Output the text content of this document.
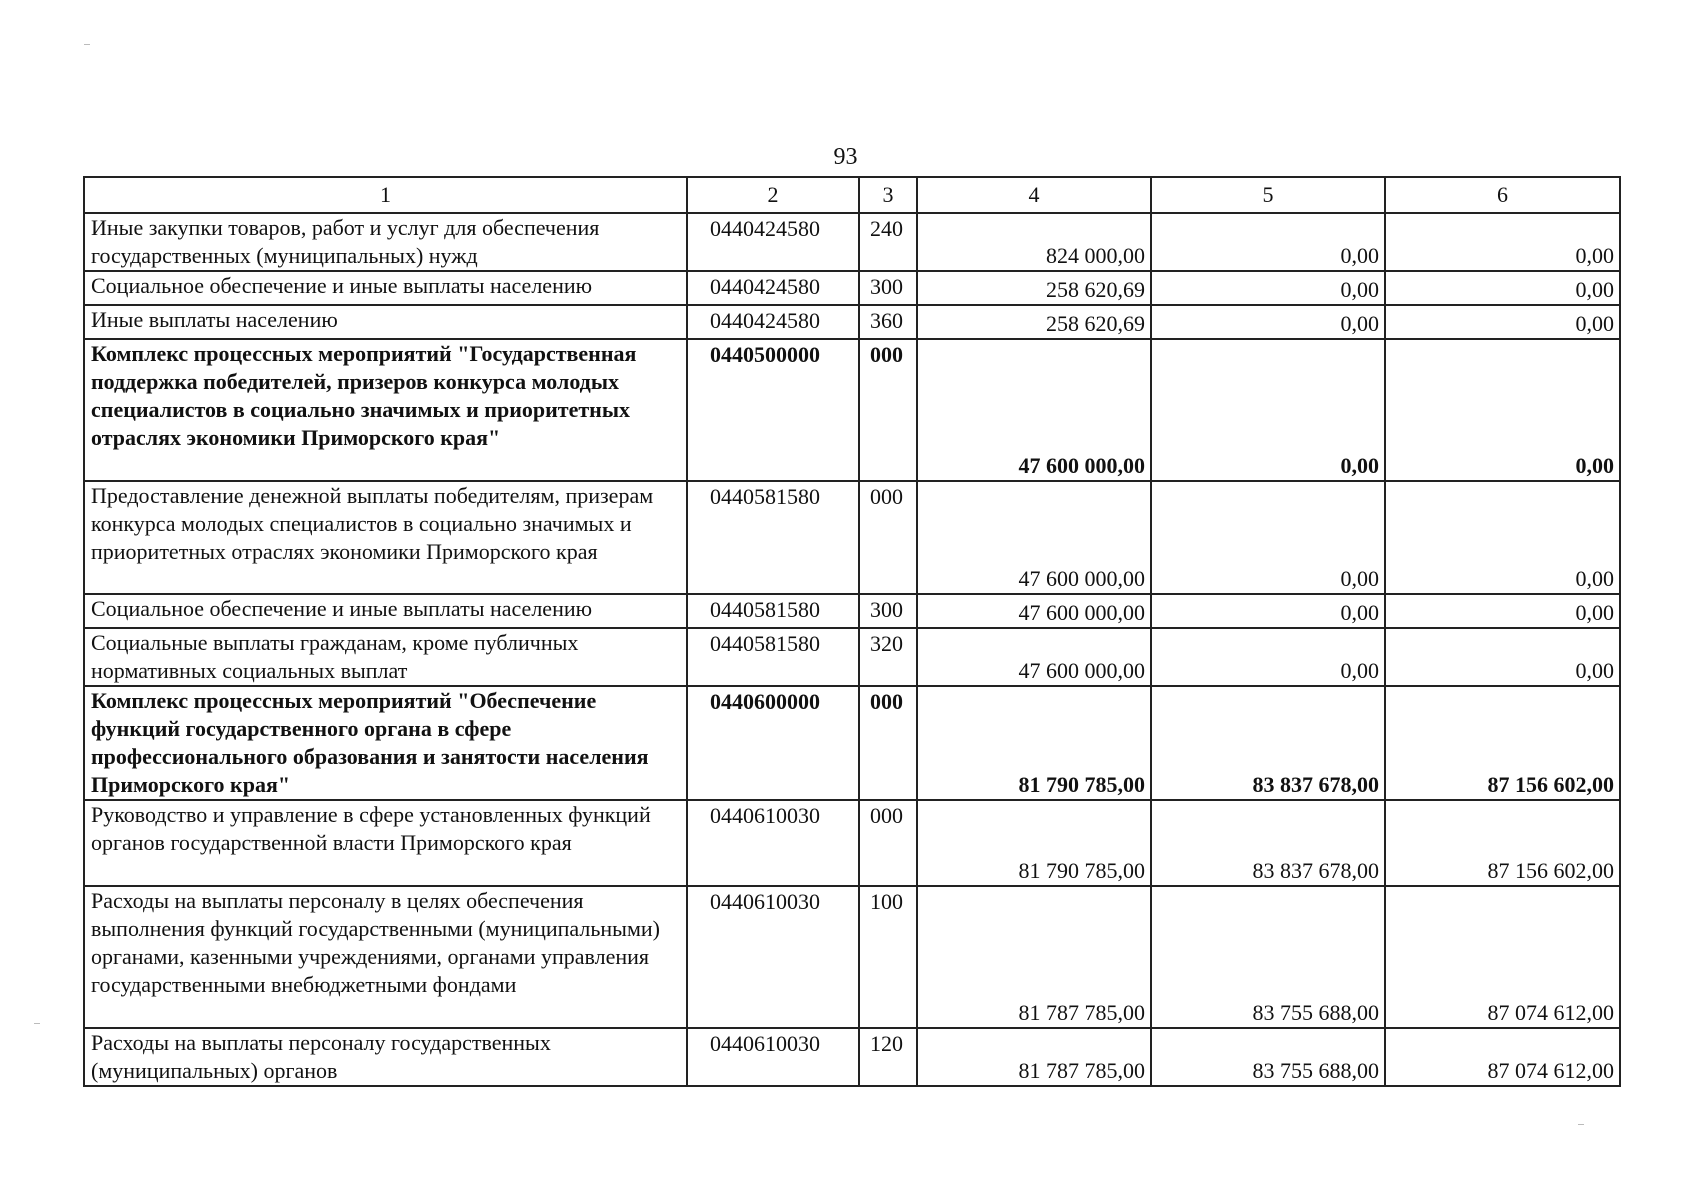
93
1	2	3	4	5	6
Иные закупки товаров, работ и услуг для обеспечения государственных (муниципальных) нужд	0440424580	240	824 000,00	0,00	0,00
Социальное обеспечение и иные выплаты населению	0440424580	300	258 620,69	0,00	0,00
Иные выплаты населению	0440424580	360	258 620,69	0,00	0,00
Комплекс процессных мероприятий "Государственная поддержка победителей, призеров конкурса молодых специалистов в социально значимых и приоритетных отраслях экономики Приморского края"	0440500000	000	47 600 000,00	0,00	0,00
Предоставление денежной выплаты победителям, призерам конкурса молодых специалистов в социально значимых и приоритетных отраслях экономики Приморского края	0440581580	000	47 600 000,00	0,00	0,00
Социальное обеспечение и иные выплаты населению	0440581580	300	47 600 000,00	0,00	0,00
Социальные выплаты гражданам, кроме публичных нормативных социальных выплат	0440581580	320	47 600 000,00	0,00	0,00
Комплекс процессных мероприятий "Обеспечение функций государственного органа в сфере профессионального образования и занятости населения Приморского края"	0440600000	000	81 790 785,00	83 837 678,00	87 156 602,00
Руководство и управление в сфере установленных функций органов государственной власти Приморского края	0440610030	000	81 790 785,00	83 837 678,00	87 156 602,00
Расходы на выплаты персоналу в целях обеспечения выполнения функций государственными (муниципальными) органами, казенными учреждениями, органами управления государственными внебюджетными фондами	0440610030	100	81 787 785,00	83 755 688,00	87 074 612,00
Расходы на выплаты персоналу государственных (муниципальных) органов	0440610030	120	81 787 785,00	83 755 688,00	87 074 612,00
